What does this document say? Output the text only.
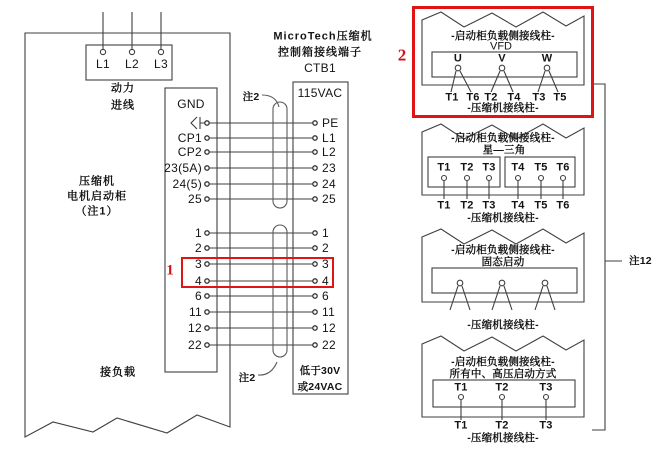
1
2
MicroTech压缩机
控制箱接线端子
CTB1
115VAC
低于30V
或24VAC
L1 L2 L3
动力
进线
压缩机
电机启动柜
（注1）
接负载
GND
CP1
CP2
23(5A)
24(5)
25
1
2
3
4
6
11
12
22
PE
L1
L2
23
24
25
1
2
3
4
6
11
12
22
注2
注2
注12
-启动柜负载侧接线柱-
VFD
U	V	W
T1 T6 T2 T4 T3 T5
-压缩机接线柱-
-启动柜负载侧接线柱-
星—三角
T1 T2 T3 T4 T5 T6
T1 T2 T3 T4 T5 T6
-压缩机接线柱-
-启动柜负载侧接线柱-
固态启动
-压缩机接线柱-
-启动柜负载侧接线柱-
所有中、高压启动方式
T1	T2	T3
T1	T2	T3
-压缩机接线柱-
